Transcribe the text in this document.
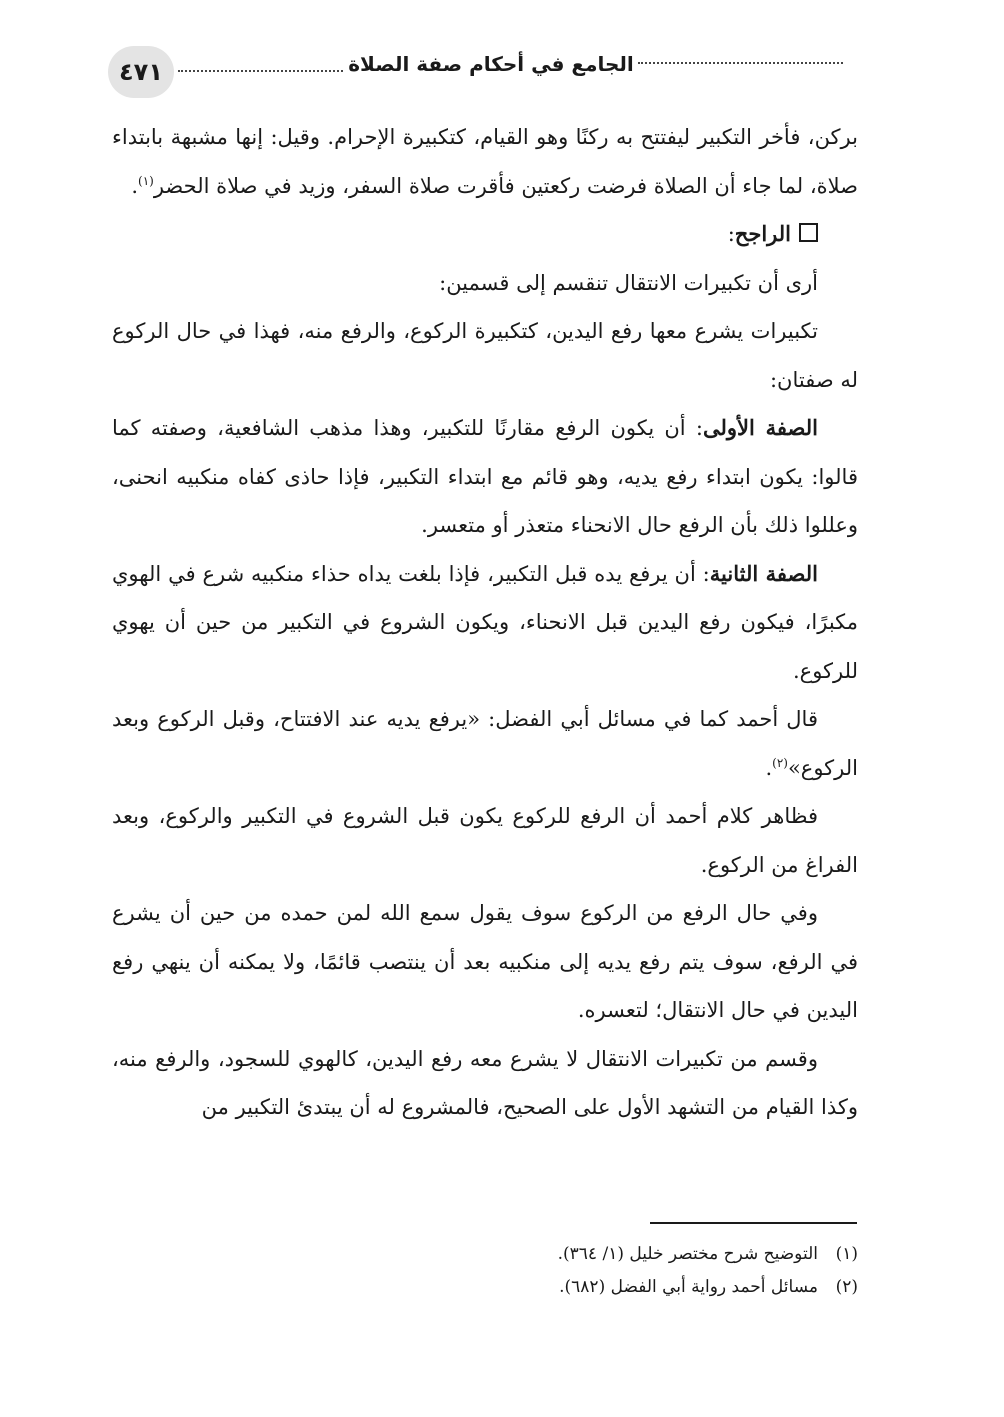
٤٧١	الجامع في أحكام صفة الصلاة

بركن، فأخر التكبير ليفتتح به ركنًا وهو القيام، كتكبيرة الإحرام. وقيل: إنها مشبهة بابتداء صلاة، لما جاء أن الصلاة فرضت ركعتين فأقرت صلاة السفر، وزيد في صلاة الحضر$^{(١)}$.

الراجح:

أرى أن تكبيرات الانتقال تنقسم إلى قسمين:

تكبيرات يشرع معها رفع اليدين، كتكبيرة الركوع، والرفع منه، فهذا في حال الركوع له صفتان:

الصفة الأولى: أن يكون الرفع مقارنًا للتكبير، وهذا مذهب الشافعية، وصفته كما قالوا: يكون ابتداء رفع يديه، وهو قائم مع ابتداء التكبير، فإذا حاذى كفاه منكبيه انحنى، وعللوا ذلك بأن الرفع حال الانحناء متعذر أو متعسر.

الصفة الثانية: أن يرفع يده قبل التكبير، فإذا بلغت يداه حذاء منكبيه شرع في الهوي مكبرًا، فيكون رفع اليدين قبل الانحناء، ويكون الشروع في التكبير من حين أن يهوي للركوع.

قال أحمد كما في مسائل أبي الفضل: «يرفع يديه عند الافتتاح، وقبل الركوع وبعد الركوع»$^{(٢)}$.

فظاهر كلام أحمد أن الرفع للركوع يكون قبل الشروع في التكبير والركوع، وبعد الفراغ من الركوع.

وفي حال الرفع من الركوع سوف يقول سمع الله لمن حمده من حين أن يشرع في الرفع، سوف يتم رفع يديه إلى منكبيه بعد أن ينتصب قائمًا، ولا يمكنه أن ينهي رفع اليدين في حال الانتقال؛ لتعسره.

وقسم من تكبيرات الانتقال لا يشرع معه رفع اليدين، كالهوي للسجود، والرفع منه، وكذا القيام من التشهد الأول على الصحيح، فالمشروع له أن يبتدئ التكبير من

(١)التوضيح شرح مختصر خليل (١/ ٣٦٤).
(٢)مسائل أحمد رواية أبي الفضل (٦٨٢).
